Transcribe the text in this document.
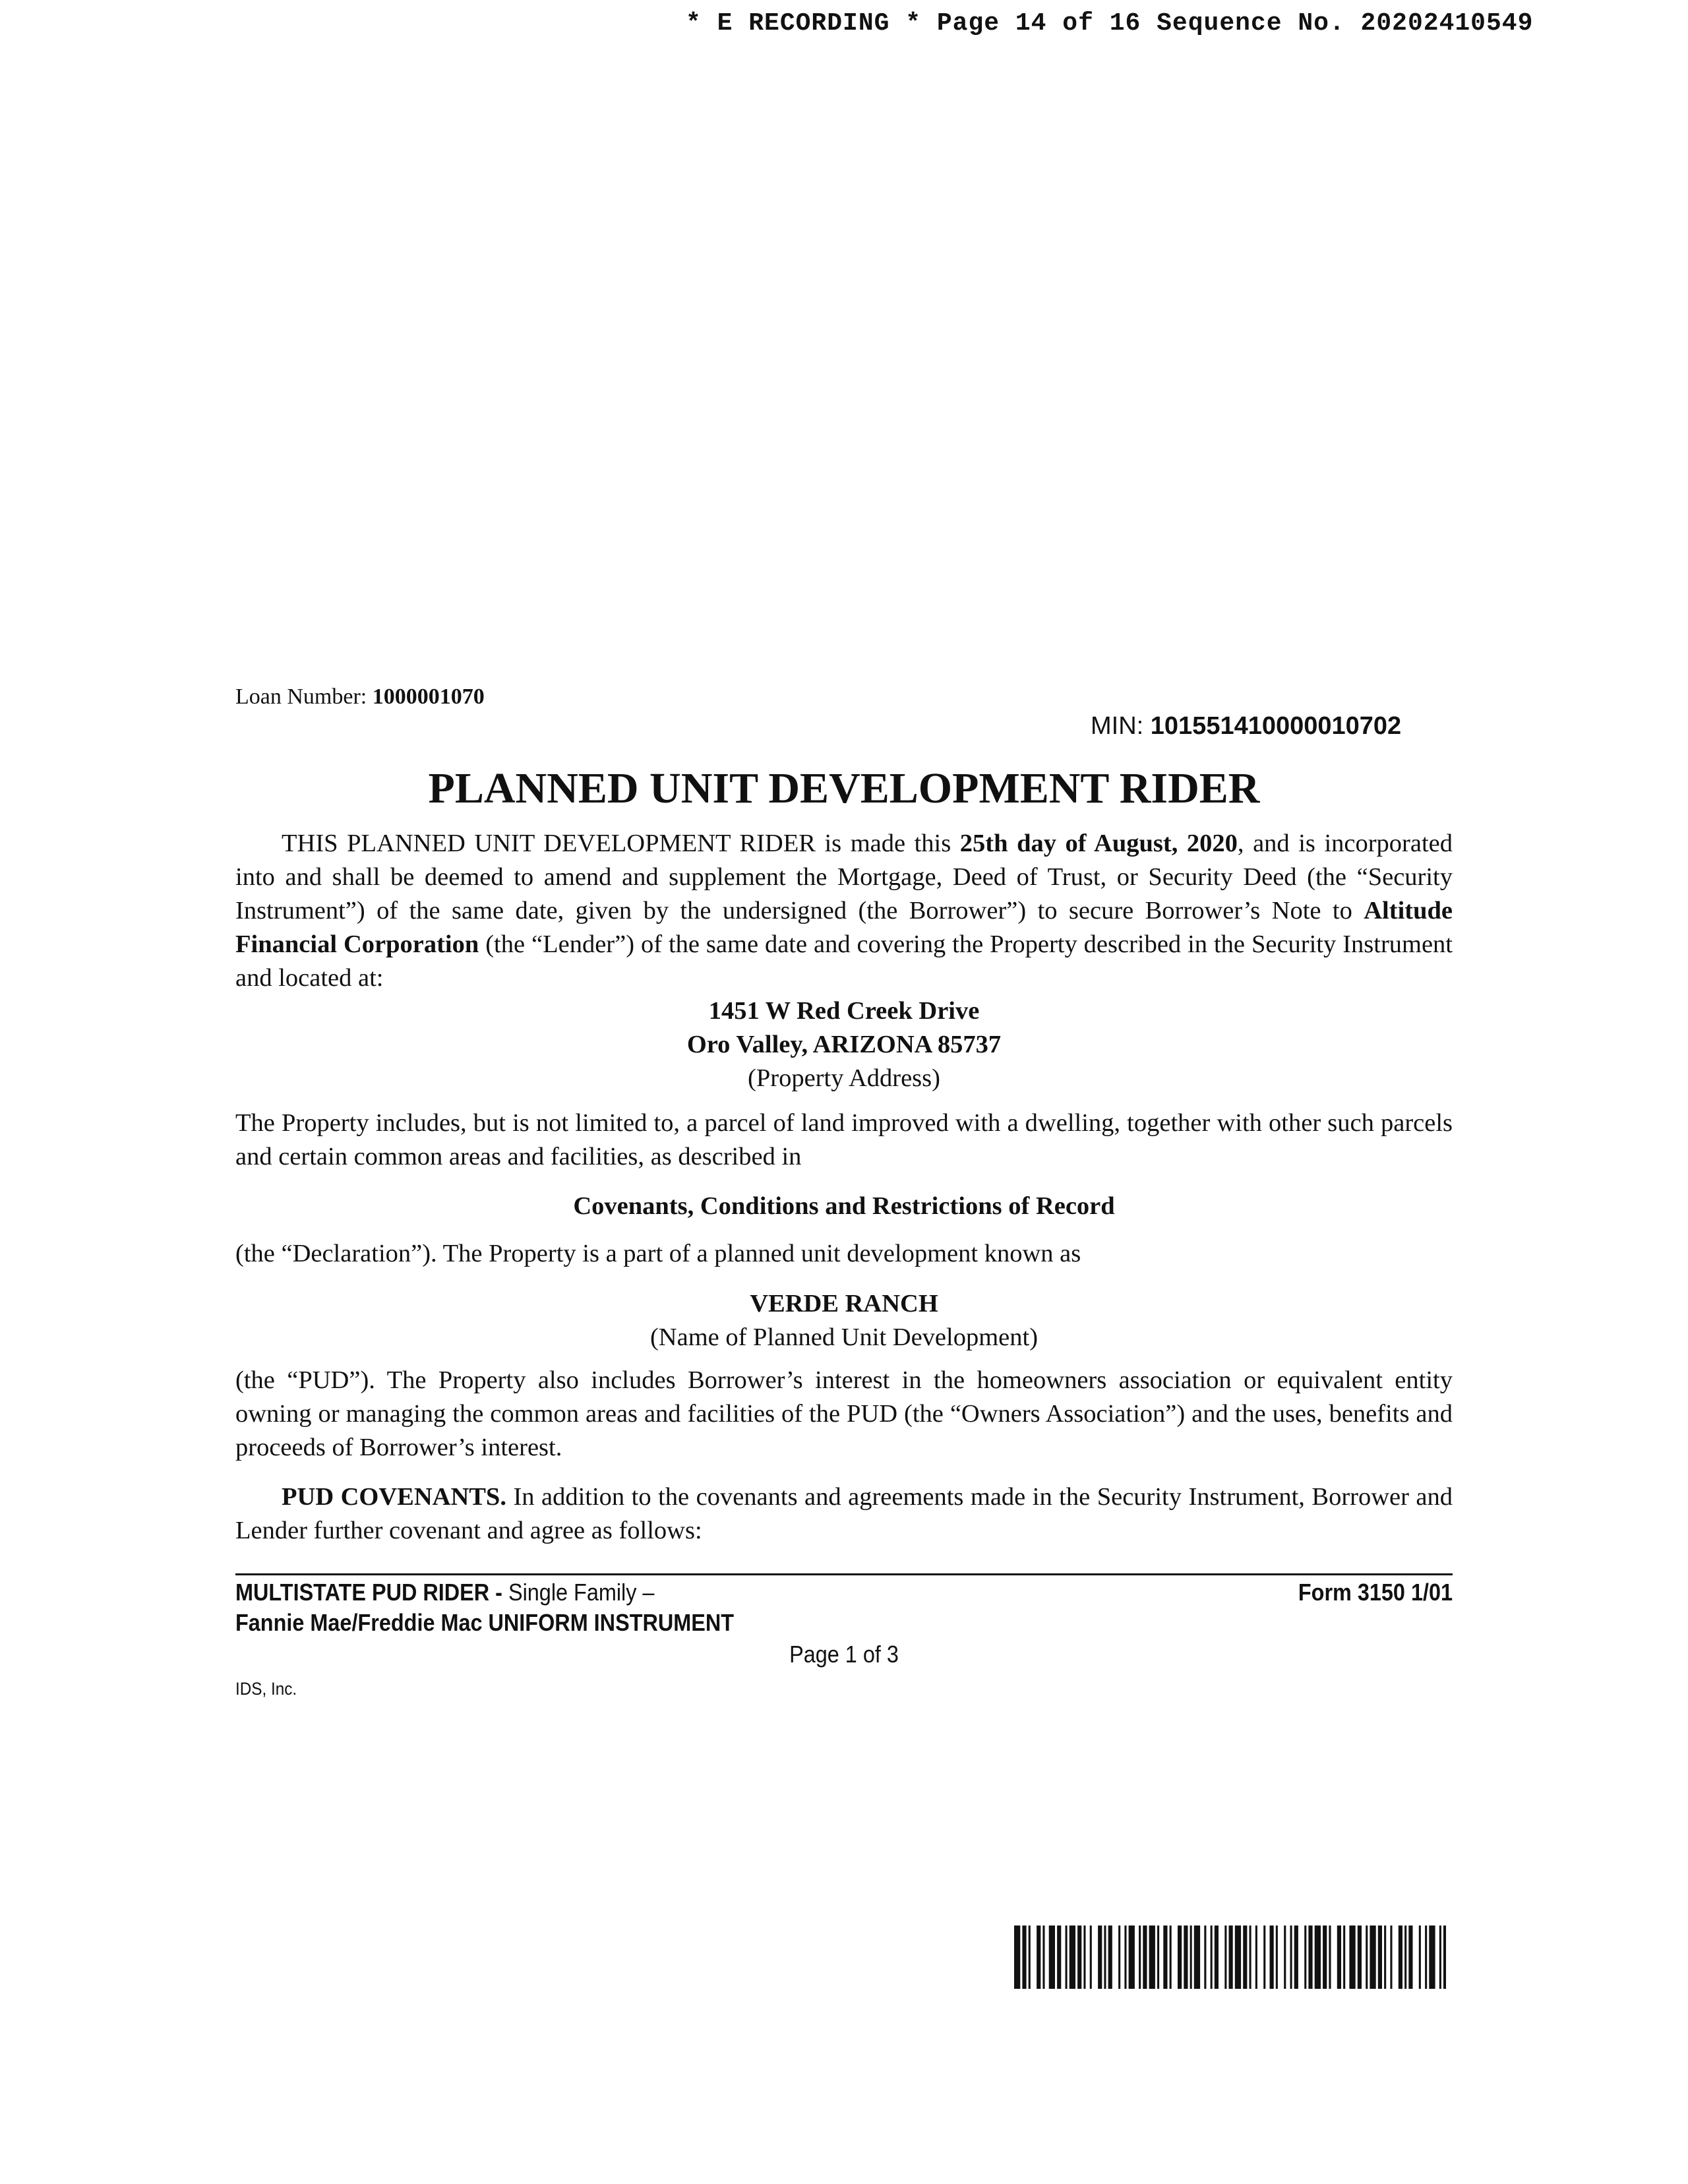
* E RECORDING * Page 14 of 16 Sequence No. 20202410549
Loan Number: 1000001070
MIN: 101551410000010702
PLANNED UNIT DEVELOPMENT RIDER
THIS PLANNED UNIT DEVELOPMENT RIDER is made this 25th day of August, 2020, and is incorporated into and shall be deemed to amend and supplement the Mortgage, Deed of Trust, or Security Deed (the “Security Instrument”) of the same date, given by the undersigned (the Borrower”) to secure Borrower’s Note to Altitude Financial Corporation (the “Lender”) of the same date and covering the Property described in the Security Instrument and located at:
1451 W Red Creek Drive
Oro Valley, ARIZONA 85737
(Property Address)
The Property includes, but is not limited to, a parcel of land improved with a dwelling, together with other such parcels and certain common areas and facilities, as described in
Covenants, Conditions and Restrictions of Record
(the “Declaration”). The Property is a part of a planned unit development known as
VERDE RANCH
(Name of Planned Unit Development)
(the “PUD”). The Property also includes Borrower’s interest in the homeowners association or equivalent entity owning or managing the common areas and facilities of the PUD (the “Owners Association”) and the uses, benefits and proceeds of Borrower’s interest.
PUD COVENANTS. In addition to the covenants and agreements made in the Security Instrument, Borrower and Lender further covenant and agree as follows:
MULTISTATE PUD RIDER - Single Family –
Fannie Mae/Freddie Mac UNIFORM INSTRUMENT
Form 3150 1/01
Page 1 of 3
IDS, Inc.
